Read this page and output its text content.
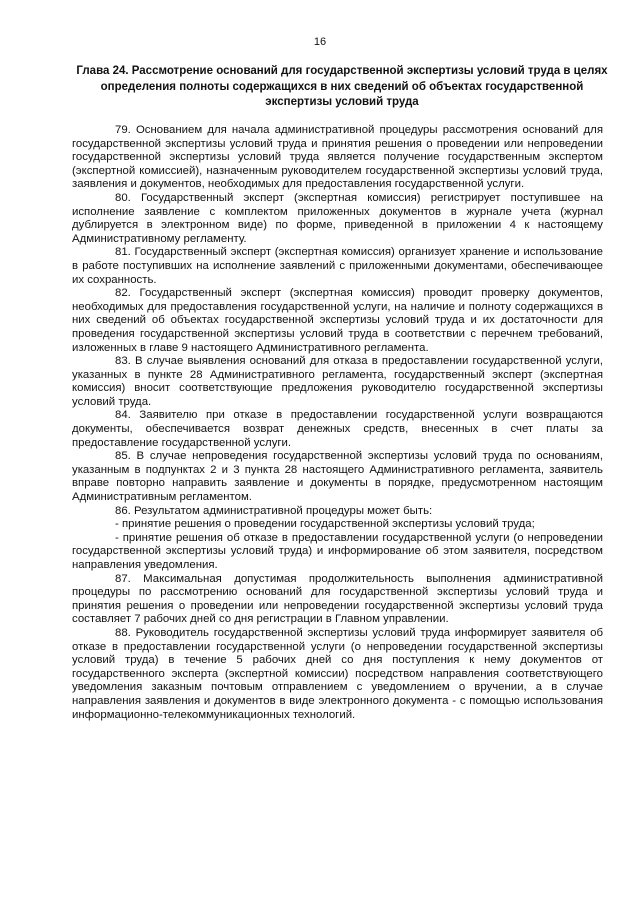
16
Глава 24. Рассмотрение оснований для государственной экспертизы условий труда в целях определения полноты содержащихся в них сведений об объектах государственной экспертизы условий труда

79. Основанием для начала административной процедуры рассмотрения оснований для государственной экспертизы условий труда и принятия решения о проведении или непроведении государственной экспертизы условий труда является получение государственным экспертом (экспертной комиссией), назначенным руководителем государственной экспертизы условий труда, заявления и документов, необходимых для предоставления государственной услуги.

80. Государственный эксперт (экспертная комиссия) регистрирует поступившее на исполнение заявление с комплектом приложенных документов в журнале учета (журнал дублируется в электронном виде) по форме, приведенной в приложении 4 к настоящему Административному регламенту.

81. Государственный эксперт (экспертная комиссия) организует хранение и использование в работе поступивших на исполнение заявлений с приложенными документами, обеспечивающее их сохранность.

82. Государственный эксперт (экспертная комиссия) проводит проверку документов, необходимых для предоставления государственной услуги, на наличие и полноту содержащихся в них сведений об объектах государственной экспертизы условий труда и их достаточности для проведения государственной экспертизы условий труда в соответствии с перечнем требований, изложенных в главе 9 настоящего Административного регламента.

83. В случае выявления оснований для отказа в предоставлении государственной услуги, указанных в пункте 28 Административного регламента, государственный эксперт (экспертная комиссия) вносит соответствующие предложения руководителю государственной экспертизы условий труда.

84. Заявителю при отказе в предоставлении государственной услуги возвращаются документы, обеспечивается возврат денежных средств, внесенных в счет платы за предоставление государственной услуги.

85. В случае непроведения государственной экспертизы условий труда по основаниям, указанным в подпунктах 2 и 3 пункта 28 настоящего Административного регламента, заявитель вправе повторно направить заявление и документы в порядке, предусмотренном настоящим Административным регламентом.

86. Результатом административной процедуры может быть:

- принятие решения о проведении государственной экспертизы условий труда;

- принятие решения об отказе в предоставлении государственной услуги (о непроведении государственной экспертизы условий труда) и информирование об этом заявителя, посредством направления уведомления.

87. Максимальная допустимая продолжительность выполнения административной процедуры по рассмотрению оснований для государственной экспертизы условий труда и принятия решения о проведении или непроведении государственной экспертизы условий труда составляет 7 рабочих дней со дня регистрации в Главном управлении.

88. Руководитель государственной экспертизы условий труда информирует заявителя об отказе в предоставлении государственной услуги (о непроведении государственной экспертизы условий труда) в течение 5 рабочих дней со дня поступления к нему документов от государственного эксперта (экспертной комиссии) посредством направления соответствующего уведомления заказным почтовым отправлением с уведомлением о вручении, а в случае направления заявления и документов в виде электронного документа - с помощью использования информационно-телекоммуникационных технологий.
